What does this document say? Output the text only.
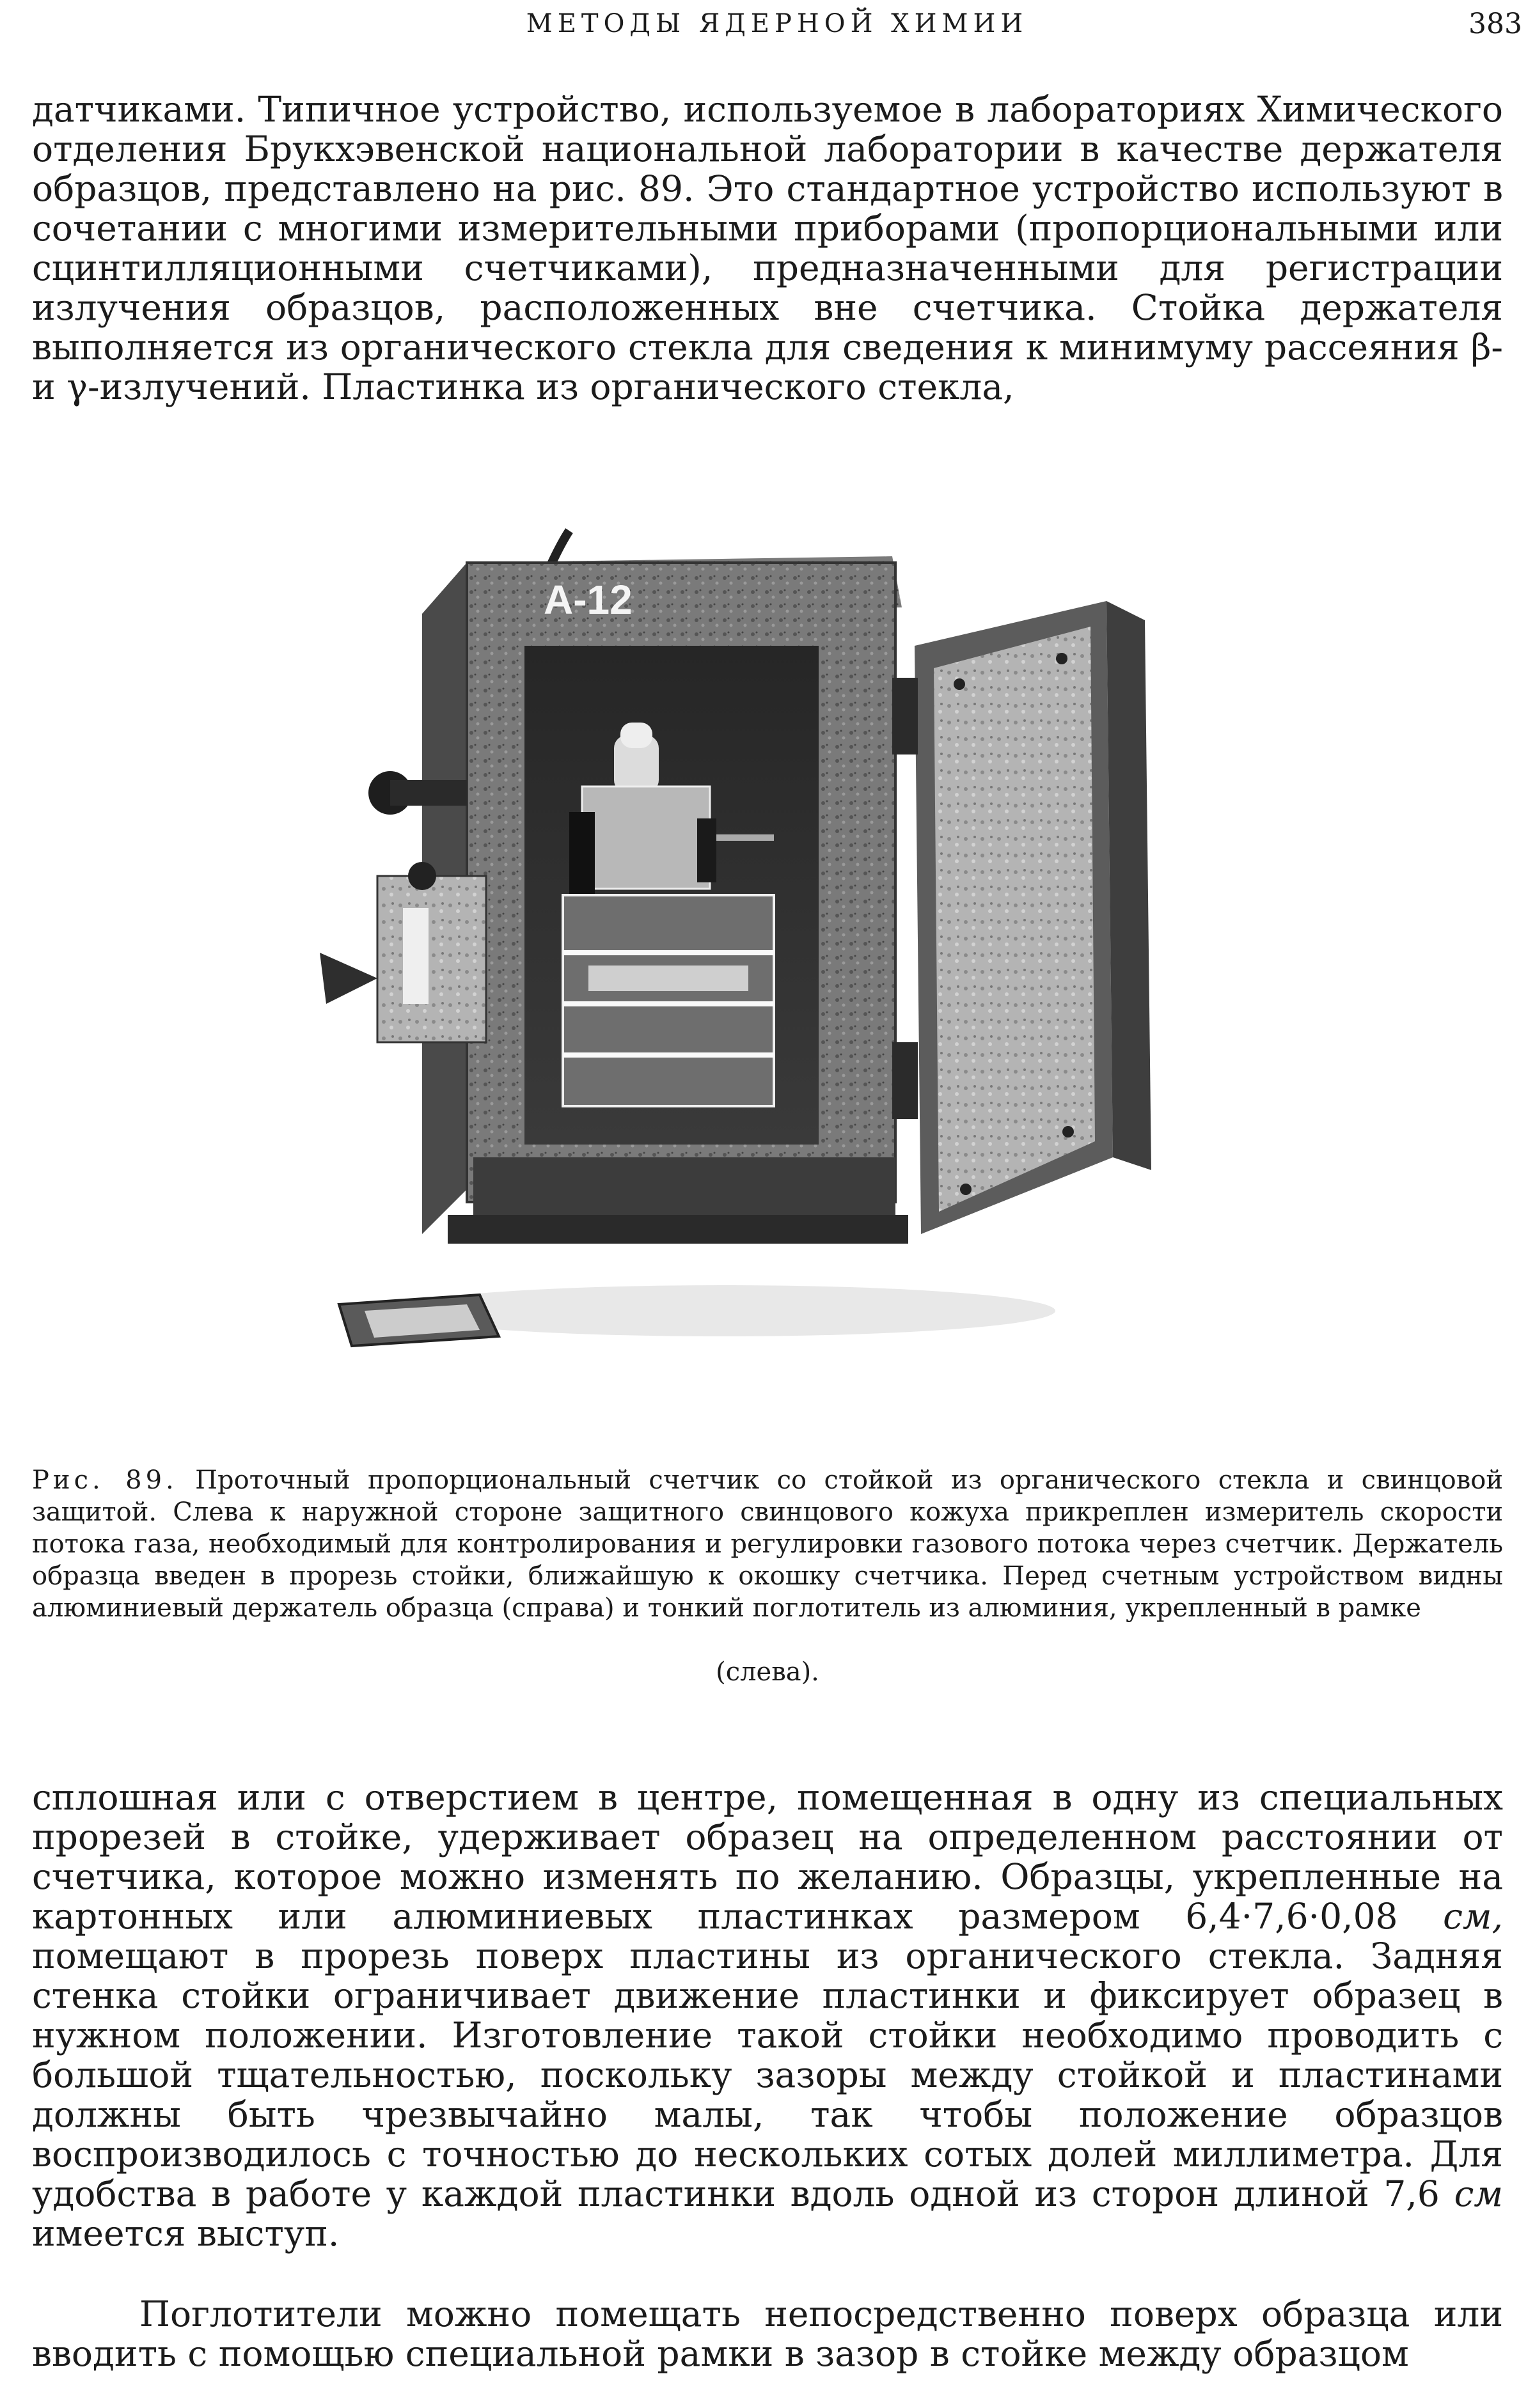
МЕТОДЫ ЯДЕРНОЙ ХИМИИ	383

датчиками. Типичное устройство, используемое в лабораториях Химического отделения Брукхэвенской национальной лаборатории в качестве держателя образцов, представлено на рис. 89. Это стандартное устройство используют в сочетании с многими измерительными приборами (пропорциональными или сцинтилляционными счетчиками), предназначенными для регистрации излучения образцов, расположенных вне счетчика. Стойка держателя выполняется из органического стекла для сведения к минимуму рассеяния β- и γ-излучений. Пластинка из органического стекла,

A-12

Рис. 89. Проточный пропорциональный счетчик со стойкой из органического стекла и свинцовой защитой. Слева к наружной стороне защитного свинцового кожуха прикреплен измеритель скорости потока газа, необходимый для контролирования и регулировки газового потока через счетчик. Держатель образца введен в прорезь стойки, ближайшую к окошку счетчика. Перед счетным устройством видны алюминиевый держатель образца (справа) и тонкий поглотитель из алюминия, укрепленный в рамке

(слева).

сплошная или с отверстием в центре, помещенная в одну из специальных прорезей в стойке, удерживает образец на определенном расстоянии от счетчика, которое можно изменять по желанию. Образцы, укрепленные на картонных или алюминиевых пластинках размером 6,4·7,6·0,08 см, помещают в прорезь поверх пластины из органического стекла. Задняя стенка стойки ограничивает движение пластинки и фиксирует образец в нужном положении. Изготовление такой стойки необходимо проводить с большой тщательностью, поскольку зазоры между стойкой и пластинами должны быть чрезвычайно малы, так чтобы положение образцов воспроизводилось с точностью до нескольких сотых долей миллиметра. Для удобства в работе у каждой пластинки вдоль одной из сторон длиной 7,6 см имеется выступ.

Поглотители можно помещать непосредственно поверх образца или вводить с помощью специальной рамки в зазор в стойке между образцом
